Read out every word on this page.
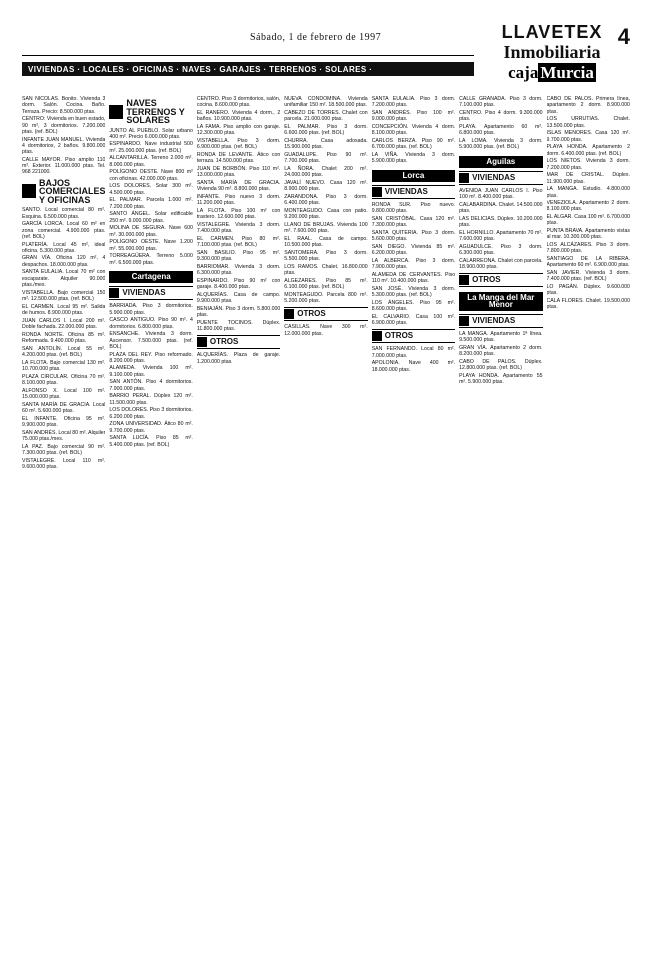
Sábado, 1 de febrero de 1997
VIVIENDAS · LOCALES · OFICINAS · NAVES · GARAJES · TERRENOS · SOLARES ·
LLAVETEX
Inmobiliaria
caja Murcia
4

SAN NICOLÁS. Bonito. Vivienda 3 dorm. Salón. Cocina. Baño. Terraza. Precio: 8.500.000 ptas.

CENTRO: Vivienda en buen estado, 90 m², 3 dormitorios. 7.200.000 ptas. (ref. BOL)

INFANTE JUAN MANUEL. Vivienda 4 dormitorios, 2 baños. 9.800.000 ptas.

CALLE MAYOR. Piso amplio 110 m². Exterior. 11.000.000 ptas. Tel. 968 221000.

BAJOS COMERCIALES Y OFICINAS

SANTO. Local comercial 80 m². Esquina. 6.500.000 ptas.

GARCÍA LORCA. Local 60 m² en zona comercial. 4.900.000 ptas. (ref. BOL)

PLATERÍA. Local 45 m², ideal oficina. 5.300.000 ptas.

GRAN VÍA. Oficina 120 m², 4 despachos. 18.000.000 ptas.

SANTA EULALIA. Local 70 m² con escaparate. Alquiler 90.000 ptas./mes.

VISTABELLA. Bajo comercial 150 m². 12.500.000 ptas. (ref. BOL)

EL CARMEN. Local 95 m². Salida de humos. 8.900.000 ptas.

JUAN CARLOS I. Local 200 m². Doble fachada. 22.000.000 ptas.

RONDA NORTE. Oficina 85 m². Reformada. 9.400.000 ptas.

SAN ANTOLÍN. Local 55 m². 4.200.000 ptas. (ref. BOL)

LA FLOTA. Bajo comercial 130 m². 10.700.000 ptas.

PLAZA CIRCULAR. Oficina 70 m². 8.100.000 ptas.

ALFONSO X. Local 100 m². 15.000.000 ptas.

SANTA MARÍA DE GRACIA. Local 60 m². 5.600.000 ptas.

EL INFANTE. Oficina 95 m². 9.900.000 ptas.

SAN ANDRÉS. Local 80 m². Alquiler 75.000 ptas./mes.

LA PAZ. Bajo comercial 90 m². 7.300.000 ptas. (ref. BOL)

VISTALEGRE. Local 110 m². 9.600.000 ptas.

NAVES TERRENOS Y SOLARES

JUNTO AL PUEBLO. Solar urbano 400 m². Precio 6.000.000 ptas.

ESPINARDO. Nave industrial 500 m². 25.000.000 ptas. (ref. BOL)

ALCANTARILLA. Terreno 2.000 m². 8.000.000 ptas.

POLÍGONO OESTE. Nave 800 m² con oficinas. 42.000.000 ptas.

LOS DOLORES. Solar 300 m². 4.500.000 ptas.

EL PALMAR. Parcela 1.000 m². 7.200.000 ptas.

SANTO ÁNGEL. Solar edificable 250 m². 9.000.000 ptas.

MOLINA DE SEGURA. Nave 600 m². 30.000.000 ptas.

POLÍGONO OESTE. Nave 1.200 m². 55.000.000 ptas.

TORREAGÜERA. Terreno 5.000 m². 6.500.000 ptas.

Cartagena
VIVIENDAS

BARRIADA. Piso 3 dormitorios. 5.900.000 ptas.

CASCO ANTIGUO. Piso 90 m². 4 dormitorios. 6.800.000 ptas.

ENSANCHE. Vivienda 3 dorm. Ascensor. 7.500.000 ptas. (ref. BOL)

PLAZA DEL REY. Piso reformado. 8.200.000 ptas.

ALAMEDA. Vivienda 100 m². 9.100.000 ptas.

SAN ANTÓN. Piso 4 dormitorios. 7.900.000 ptas.

BARRIO PERAL. Dúplex 120 m². 11.500.000 ptas.

LOS DOLORES. Piso 3 dormitorios. 6.200.000 ptas.

ZONA UNIVERSIDAD. Ático 80 m². 9.700.000 ptas.

SANTA LUCÍA. Piso 85 m². 5.400.000 ptas. (ref. BOL)

CENTRO. Piso 3 dormitorios, salón, cocina. 8.600.000 ptas.

EL RANERO. Vivienda 4 dorm., 2 baños. 10.900.000 ptas.

LA FAMA. Piso amplio con garaje. 12.300.000 ptas.

VISTABELLA. Piso 3 dorm. 6.900.000 ptas. (ref. BOL)

RONDA DE LEVANTE. Ático con terraza. 14.500.000 ptas.

JUAN DE BORBÓN. Piso 110 m². 13.000.000 ptas.

SANTA MARÍA DE GRACIA. Vivienda 90 m². 8.800.000 ptas.

INFANTE. Piso nuevo 3 dorm. 11.200.000 ptas.

LA FLOTA. Piso 100 m² con trastero. 12.600.000 ptas.

VISTALEGRE. Vivienda 3 dorm. 7.400.000 ptas.

EL CARMEN. Piso 80 m². 7.100.000 ptas. (ref. BOL)

SAN BASILIO. Piso 95 m². 9.300.000 ptas.

BARRIOMAR. Vivienda 3 dorm. 6.300.000 ptas.

ESPINARDO. Piso 90 m² con garaje. 8.400.000 ptas.

ALQUERÍAS. Casa de campo. 9.900.000 ptas.

BENIAJÁN. Piso 3 dorm. 5.800.000 ptas.

PUENTE TOCINOS. Dúplex. 11.800.000 ptas.

OTROS

ALQUERÍAS. Plaza de garaje. 1.200.000 ptas.

NUEVA CONDOMINA. Vivienda unifamiliar 150 m². 18.500.000 ptas.

CABEZO DE TORRES. Chalet con parcela. 21.000.000 ptas.

EL PALMAR. Piso 3 dorm. 6.600.000 ptas. (ref. BOL)

CHURRA. Casa adosada. 15.900.000 ptas.

GUADALUPE. Piso 90 m². 7.700.000 ptas.

LA ÑORA. Chalet 200 m². 24.000.000 ptas.

JAVALÍ NUEVO. Casa 120 m². 8.900.000 ptas.

ZARANDONA. Piso 3 dorm. 6.400.000 ptas.

MONTEAGUDO. Casa con patio. 9.200.000 ptas.

LLANO DE BRUJAS. Vivienda 100 m². 7.600.000 ptas.

EL RAAL. Casa de campo. 10.500.000 ptas.

SANTOMERA. Piso 3 dorm. 5.500.000 ptas.

LOS RAMOS. Chalet. 16.800.000 ptas.

ALGEZARES. Piso 85 m². 6.100.000 ptas. (ref. BOL)

MONTEAGUDO. Parcela 800 m². 5.200.000 ptas.

OTROS

CASILLAS. Nave 300 m². 12.000.000 ptas.

SANTA EULALIA. Piso 3 dorm. 7.200.000 ptas.

SAN ANDRÉS. Piso 100 m². 9.000.000 ptas.

CONCEPCIÓN. Vivienda 4 dorm. 8.100.000 ptas.

CARLOS BERZA. Piso 90 m². 6.700.000 ptas. (ref. BOL)

LA VIÑA. Vivienda 3 dorm. 5.900.000 ptas.

Lorca
VIVIENDAS

RONDA SUR. Piso nuevo. 9.800.000 ptas.

SAN CRISTÓBAL. Casa 120 m². 7.300.000 ptas.

SANTA QUITERIA. Piso 3 dorm. 5.600.000 ptas.

SAN DIEGO. Vivienda 85 m². 6.200.000 ptas.

LA ALBERCA. Piso 3 dorm. 7.900.000 ptas.

ALAMEDA DE CERVANTES. Piso 110 m². 10.400.000 ptas.

SAN JOSÉ. Vivienda 3 dorm. 5.300.000 ptas. (ref. BOL)

LOS ÁNGELES. Piso 95 m². 8.600.000 ptas.

EL CALVARIO. Casa 100 m². 6.900.000 ptas.

OTROS

SAN FERNANDO. Local 80 m². 7.000.000 ptas.

APOLONIA. Nave 400 m². 18.000.000 ptas.

CALLE GRANADA. Piso 3 dorm. 7.100.000 ptas.

CENTRO. Piso 4 dorm. 9.300.000 ptas.

PLAYA. Apartamento 60 m². 6.800.000 ptas.

LA LOMA. Vivienda 3 dorm. 5.900.000 ptas. (ref. BOL)

Aguilas
VIVIENDAS

AVENIDA JUAN CARLOS I. Piso 100 m². 8.400.000 ptas.

CALABARDINA. Chalet. 14.500.000 ptas.

LAS DELICIAS. Dúplex. 10.200.000 ptas.

EL HORNILLO. Apartamento 70 m². 7.600.000 ptas.

AGUADULCE. Piso 3 dorm. 6.300.000 ptas.

CALARREONA. Chalet con parcela. 18.900.000 ptas.

OTROS
La Manga del Mar Menor
VIVIENDAS

LA MANGA. Apartamento 1ª línea. 9.500.000 ptas.

GRAN VÍA. Apartamento 2 dorm. 8.200.000 ptas.

CABO DE PALOS. Dúplex. 12.800.000 ptas. (ref. BOL)

PLAYA HONDA. Apartamento 55 m². 5.900.000 ptas.

CABO DE PALOS. Primera línea, apartamento 2 dorm. 8.900.000 ptas.

LOS URRUTIAS. Chalet. 13.500.000 ptas.

ISLAS MENORES. Casa 120 m². 9.700.000 ptas.

PLAYA HONDA. Apartamento 2 dorm. 6.400.000 ptas. (ref. BOL)

LOS NIETOS. Vivienda 3 dorm. 7.200.000 ptas.

MAR DE CRISTAL. Dúplex. 11.900.000 ptas.

LA MANGA. Estudio. 4.800.000 ptas.

VENEZIOLA. Apartamento 2 dorm. 8.100.000 ptas.

EL ALGAR. Casa 100 m². 6.700.000 ptas.

PUNTA BRAVA. Apartamento vistas al mar. 10.300.000 ptas.

LOS ALCÁZARES. Piso 3 dorm. 7.800.000 ptas.

SANTIAGO DE LA RIBERA. Apartamento 60 m². 6.900.000 ptas.

SAN JAVIER. Vivienda 3 dorm. 7.400.000 ptas. (ref. BOL)

LO PAGÁN. Dúplex. 9.600.000 ptas.

CALA FLORES. Chalet. 19.500.000 ptas.
